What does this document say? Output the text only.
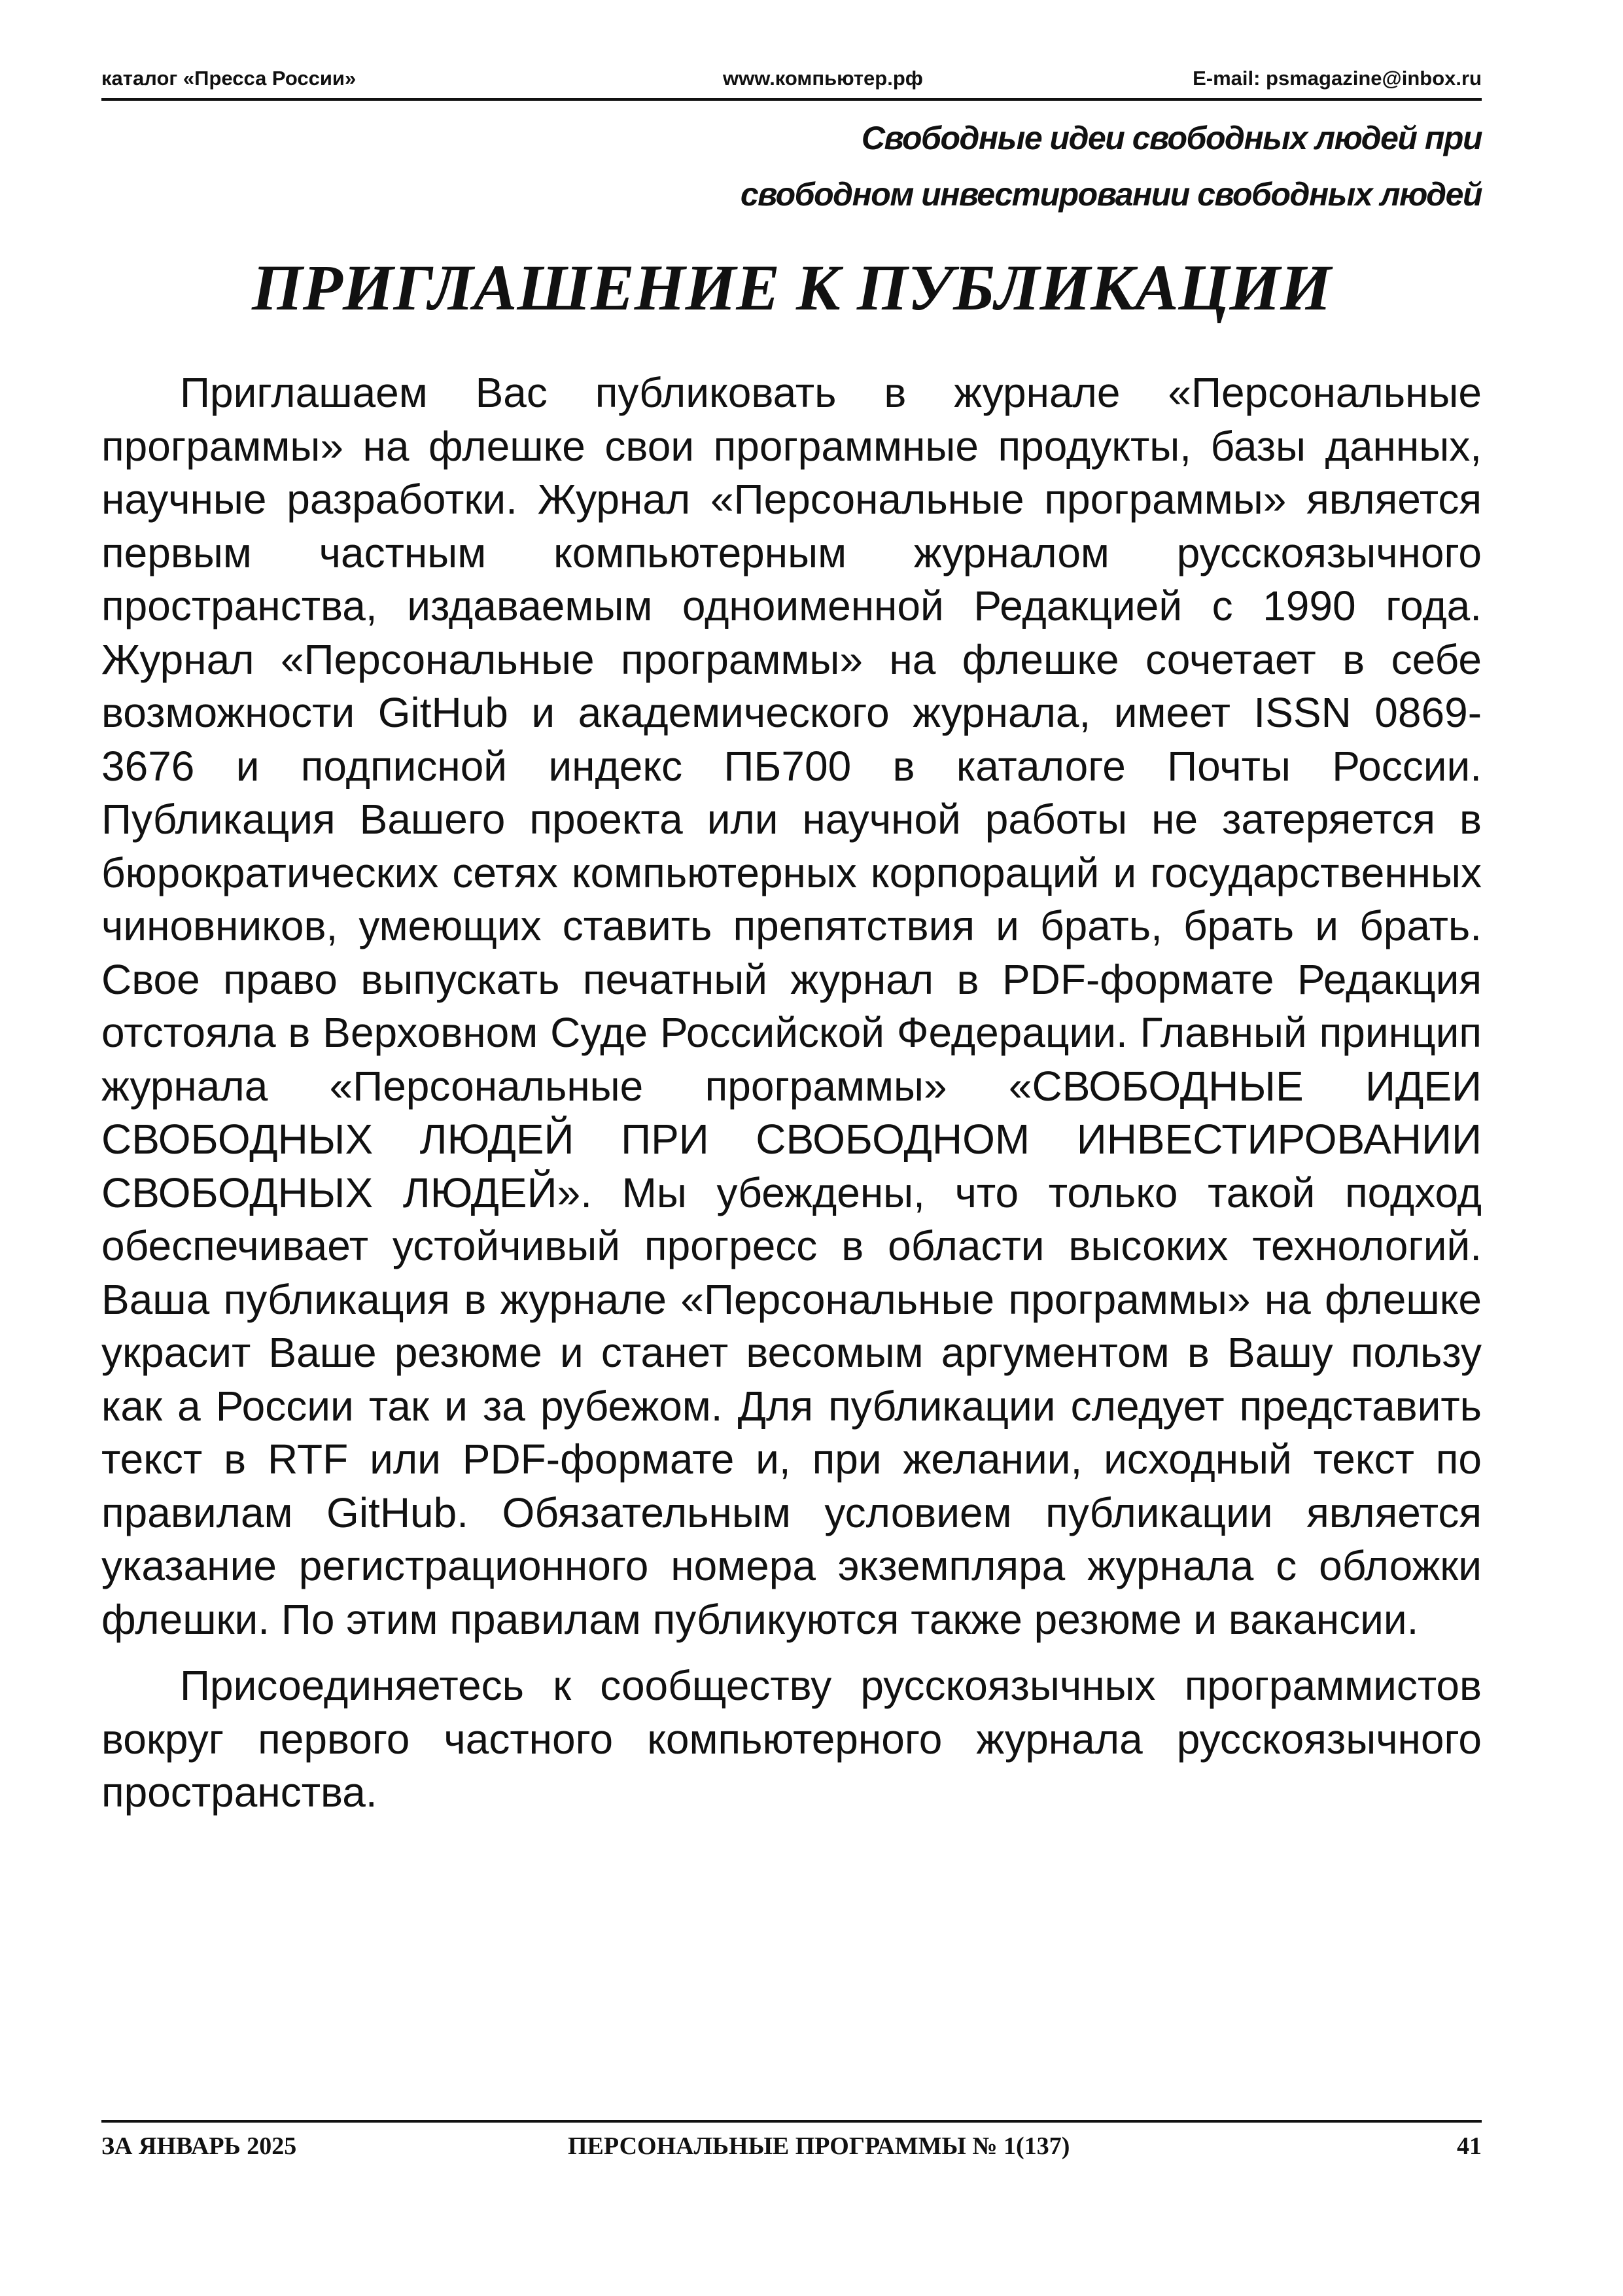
каталог «Пресса России»	www.компьютер.рф	E-mail: psmagazine@inbox.ru
Свободные идеи свободных людей при
свободном инвестировании свободных людей
ПРИГЛАШЕНИЕ К ПУБЛИКАЦИИ

Приглашаем Вас публиковать в журнале «Персональные программы» на флешке свои программные продукты, базы данных, научные разработки. Журнал «Персональные программы» является первым частным компьютерным журналом русскоязычного пространства, издаваемым одноименной Редакцией с 1990 года. Журнал «Персональные программы» на флешке сочетает в себе возможности GitHub и академического журнала, имеет ISSN 0869-3676 и подписной индекс ПБ700 в каталоге Почты России. Публикация Вашего проекта или научной работы не затеряется в бюрократических сетях компьютерных корпораций и государственных чиновников, умеющих ставить препятствия и брать, брать и брать. Свое право выпускать печатный журнал в PDF-формате Редакция отстояла в Верховном Суде Российской Федерации. Главный принцип журнала «Персональные программы» «СВОБОДНЫЕ ИДЕИ СВОБОДНЫХ ЛЮДЕЙ ПРИ СВОБОДНОМ ИНВЕСТИРОВАНИИ СВОБОДНЫХ ЛЮДЕЙ». Мы убеждены, что только такой подход обеспечивает устойчивый прогресс в области высоких технологий. Ваша публикация в журнале «Персональные программы» на флешке украсит Ваше резюме и станет весомым аргументом в Вашу пользу как а России так и за рубежом. Для публикации следует представить текст в RTF или PDF-формате и, при желании, исходный текст по правилам GitHub. Обязательным условием публикации является указание регистрационного номера экземпляра журнала с обложки флешки. По этим правилам публикуются также резюме и вакансии.

Присоединяетесь к сообществу русскоязычных программистов вокруг первого частного компьютерного журнала русскоязычного пространства.

ЗА ЯНВАРЬ 2025	ПЕРСОНАЛЬНЫЕ ПРОГРАММЫ № 1(137)	41
